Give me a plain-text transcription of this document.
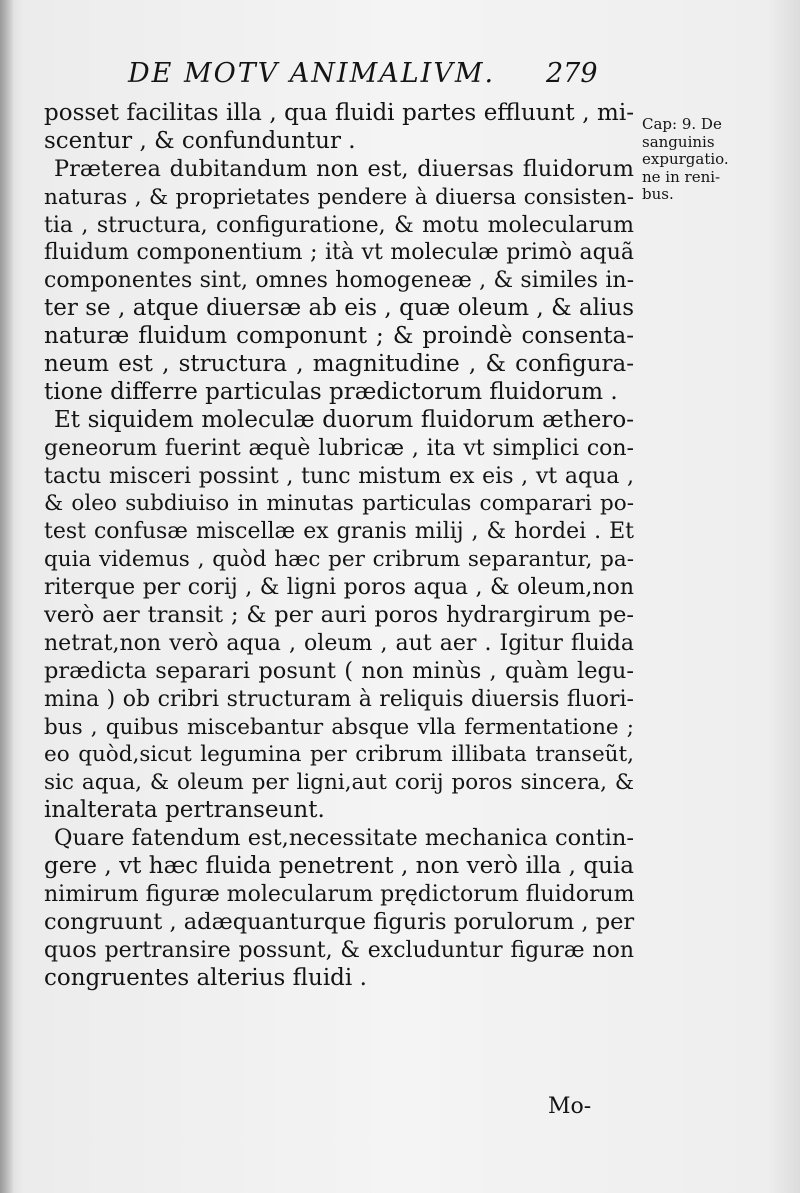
DE MOTV ANIMALIVM. 279
Cap: 9. De
sanguinis
expurgatio.
ne in reni-
bus.
posset facilitas illa , qua fluidi partes effluunt , mi-
scentur , & confunduntur .
Præterea dubitandum non est, diuersas fluidorum
naturas , & proprietates pendere à diuersa consisten-
tia , structura, configuratione, & motu molecularum
fluidum componentium ; ità vt moleculæ primò aquã
componentes sint, omnes homogeneæ , & similes in-
ter se , atque diuersæ ab eis , quæ oleum , & alius
naturæ fluidum componunt ; & proindè consenta-
neum est , structura , magnitudine , & configura-
tione differre particulas prædictorum fluidorum .
Et siquidem moleculæ duorum fluidorum æthero-
geneorum fuerint æquè lubricæ , ita vt simplici con-
tactu misceri possint , tunc mistum ex eis , vt aqua ,
& oleo subdiuiso in minutas particulas comparari po-
test confusæ miscellæ ex granis milij , & hordei . Et
quia videmus , quòd hæc per cribrum separantur, pa-
riterque per corij , & ligni poros aqua , & oleum,non
verò aer transit ; & per auri poros hydrargirum pe-
netrat,non verò aqua , oleum , aut aer . Igitur fluida
prædicta separari posunt ( non minùs , quàm legu-
mina ) ob cribri structuram à reliquis diuersis fluori-
bus , quibus miscebantur absque vlla fermentatione ;
eo quòd,sicut legumina per cribrum illibata transeũt,
sic aqua, & oleum per ligni,aut corij poros sincera, &
inalterata pertranseunt.
Quare fatendum est,necessitate mechanica contin-
gere , vt hæc fluida penetrent , non verò illa , quia
nimirum figuræ molecularum prędictorum fluidorum
congruunt , adæquanturque figuris porulorum , per
quos pertransire possunt, & excluduntur figuræ non
congruentes alterius fluidi .
Mo-
